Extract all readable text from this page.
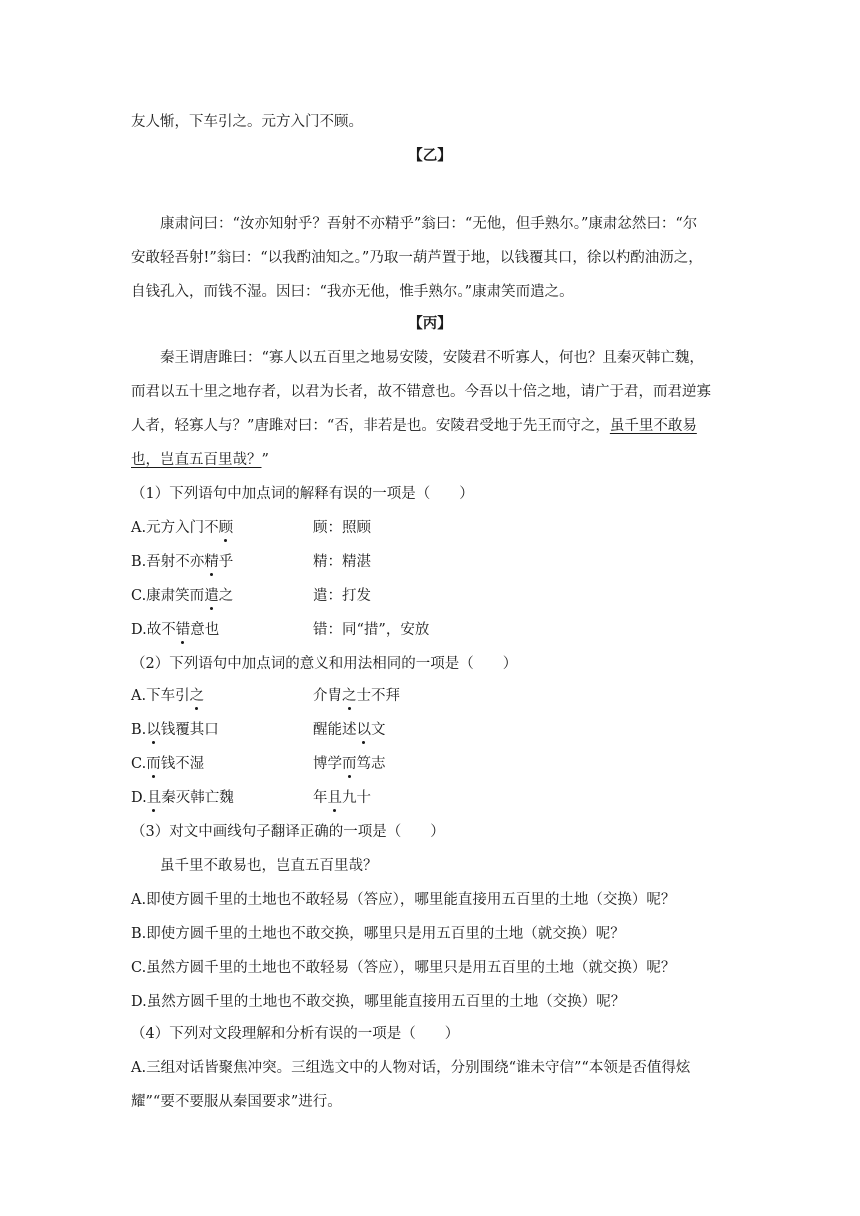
友人惭，下车引之。元方入门不顾。
【乙】
康肃问曰：“汝亦知射乎？吾射不亦精乎”翁曰：“无他，但手熟尔。”康肃忿然曰：“尔
安敢轻吾射!”翁曰：“以我酌油知之。”乃取一葫芦置于地，以钱覆其口，徐以杓酌油沥之，
自钱孔入，而钱不湿。因曰：“我亦无他，惟手熟尔。”康肃笑而遣之。
【丙】
秦王谓唐雎曰：“寡人以五百里之地易安陵，安陵君不听寡人，何也？且秦灭韩亡魏，
而君以五十里之地存者，以君为长者，故不错意也。今吾以十倍之地，请广于君，而君逆寡
人者，轻寡人与？”唐雎对曰：“否，非若是也。安陵君受地于先王而守之，虽千里不敢易
也，岂直五百里哉？”
（1）下列语句中加点词的解释有误的一项是（　　）
A.元方入门不顾	顾：照顾
B.吾射不亦精乎	精：精湛
C.康肃笑而遣之	遣：打发
D.故不错意也	错：同“措”，安放
（2）下列语句中加点词的意义和用法相同的一项是（　　）
A.下车引之	介胄之士不拜
B.以钱覆其口	醒能述以文
C.而钱不湿	博学而笃志
D.且秦灭韩亡魏	年且九十
（3）对文中画线句子翻译正确的一项是（　　）
虽千里不敢易也，岂直五百里哉？
A.即使方圆千里的土地也不敢轻易（答应），哪里能直接用五百里的土地（交换）呢？
B.即使方圆千里的土地也不敢交换，哪里只是用五百里的土地（就交换）呢？
C.虽然方圆千里的土地也不敢轻易（答应），哪里只是用五百里的土地（就交换）呢？
D.虽然方圆千里的土地也不敢交换，哪里能直接用五百里的土地（交换）呢？
（4）下列对文段理解和分析有误的一项是（　　）
A.三组对话皆聚焦冲突。三组选文中的人物对话，分别围绕“谁未守信”“本领是否值得炫
耀”“要不要服从秦国要求”进行。
